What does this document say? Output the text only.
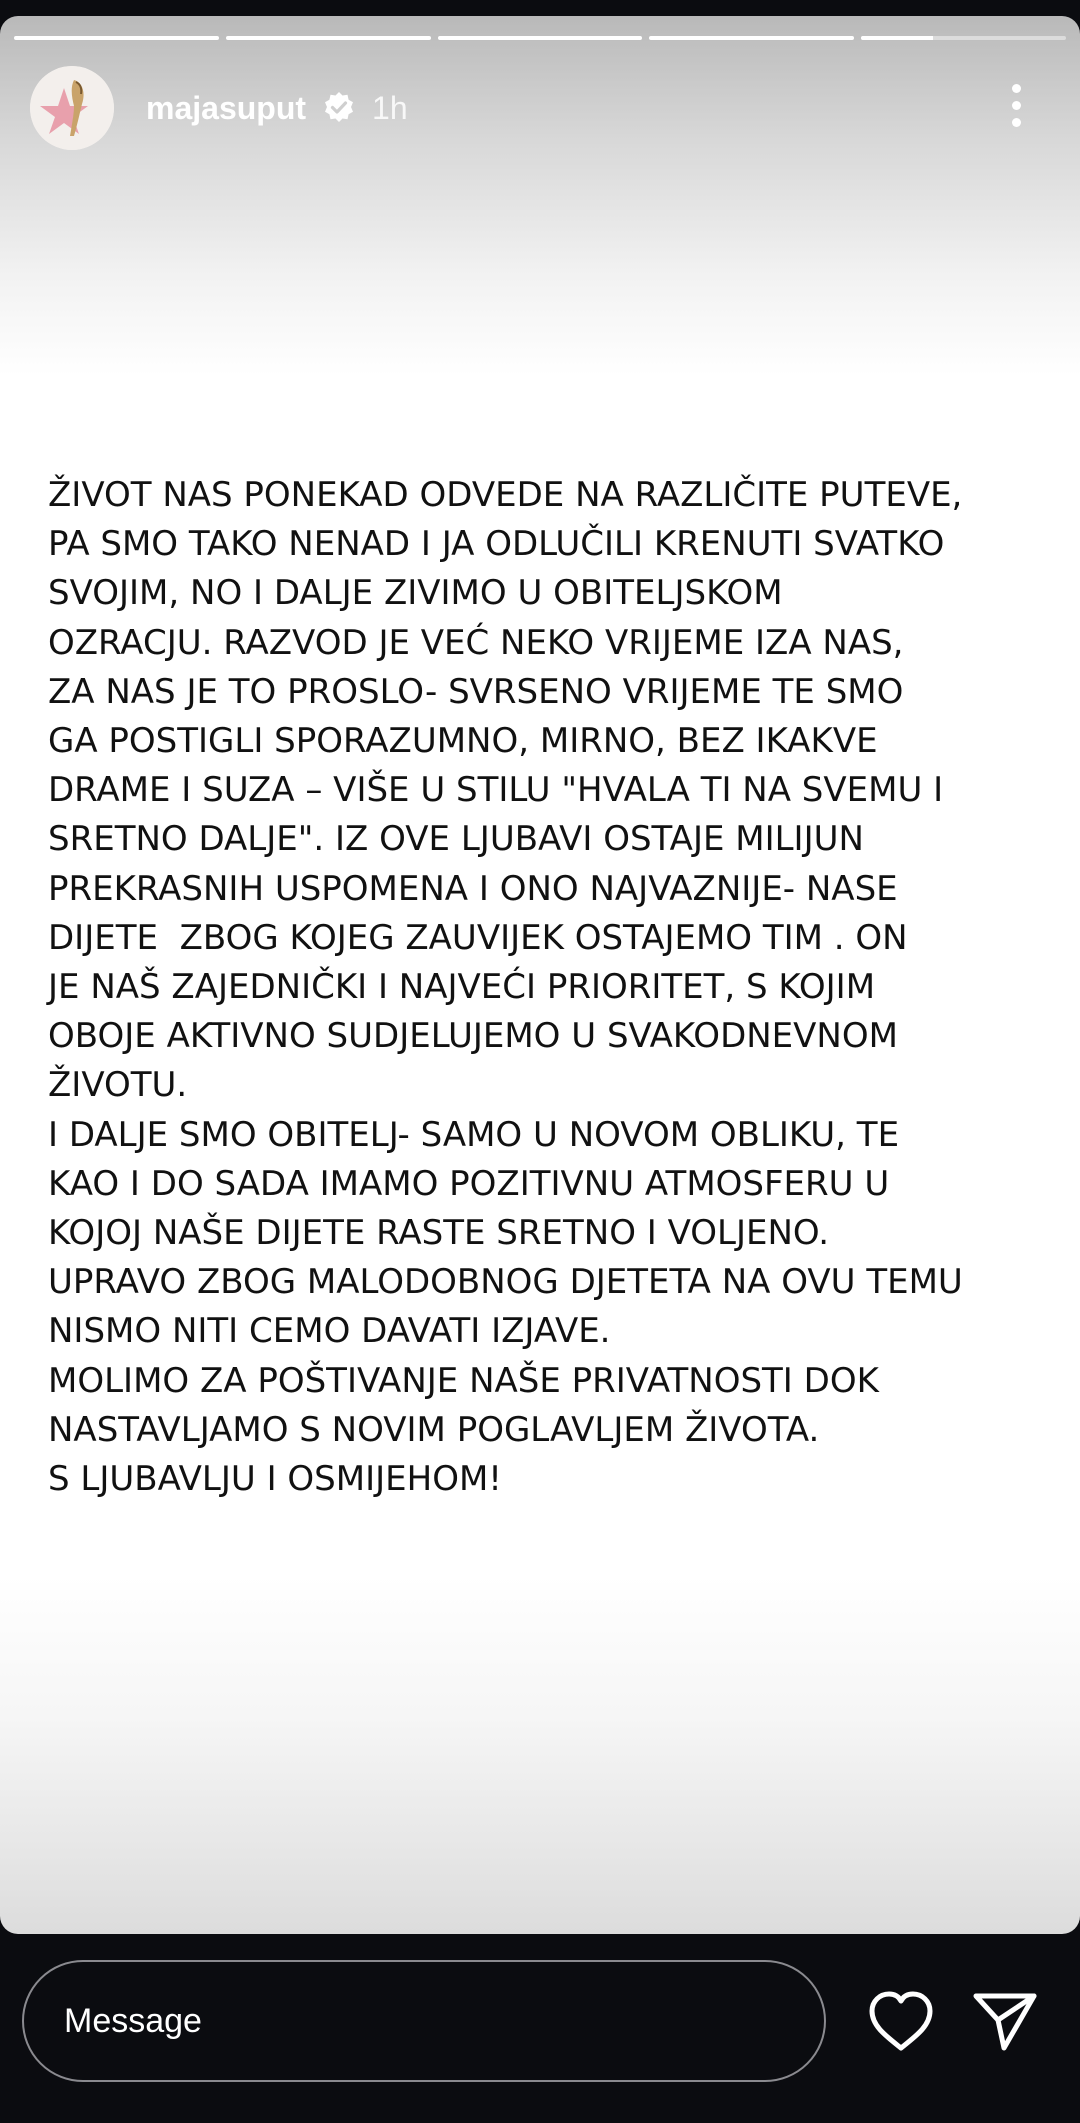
majasuput 1h
ŽIVOT NAS PONEKAD ODVEDE NA RAZLIČITE PUTEVE,
PA SMO TAKO NENAD I JA ODLUČILI KRENUTI SVATKO
SVOJIM, NO I DALJE ZIVIMO U OBITELJSKOM
OZRACJU. RAZVOD JE VEĆ NEKO VRIJEME IZA NAS,
ZA NAS JE TO PROSLO- SVRSENO VRIJEME TE SMO
GA POSTIGLI SPORAZUMNO, MIRNO, BEZ IKAKVE
DRAME I SUZA – VIŠE U STILU "HVALA TI NA SVEMU I
SRETNO DALJE". IZ OVE LJUBAVI OSTAJE MILIJUN
PREKRASNIH USPOMENA I ONO NAJVAZNIJE- NASE
DIJETE  ZBOG KOJEG ZAUVIJEK OSTAJEMO TIM . ON
JE NAŠ ZAJEDNIČKI I NAJVEĆI PRIORITET, S KOJIM
OBOJE AKTIVNO SUDJELUJEMO U SVAKODNEVNOM
ŽIVOTU.
I DALJE SMO OBITELJ- SAMO U NOVOM OBLIKU, TE
KAO I DO SADA IMAMO POZITIVNU ATMOSFERU U
KOJOJ NAŠE DIJETE RASTE SRETNO I VOLJENO.
UPRAVO ZBOG MALODOBNOG DJETETA NA OVU TEMU
NISMO NITI CEMO DAVATI IZJAVE.
MOLIMO ZA POŠTIVANJE NAŠE PRIVATNOSTI DOK
NASTAVLJAMO S NOVIM POGLAVLJEM ŽIVOTA.
S LJUBAVLJU I OSMIJEHOM!
Message
